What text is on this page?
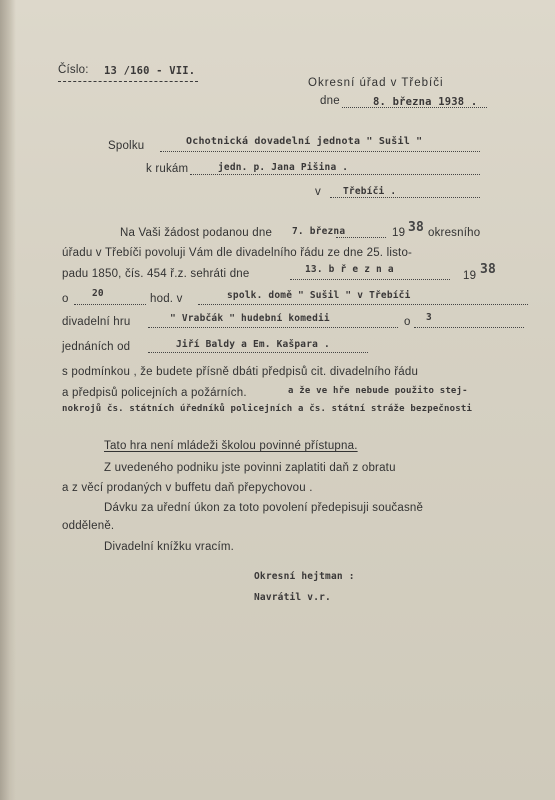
Číslo: 13 /160 - VII.
Okresní úřad v Třebíči
dne	8. března 1938 .
Spolku	Ochotnická dovadelní jednota " Sušil "
k rukám	jedn. p. Jana Pišina .
v Třebíči .
Na Vaši žádost podanou dne 7. března	19 38 okresního
úřadu v Třebíči povoluji Vám dle divadelního řádu ze dne 25. listo-
padu 1850, čís. 454 ř.z. sehráti dne	13. b ř e z n a
19 38
o 20	hod. v	spolk. domě " Sušil " v Třebíči
divadelní hru	" Vrabčák " hudební komedii	o 3
jednáních od	Jiří Baldy a Em. Kašpara .
s podmínkou , že budete přísně dbáti předpisů cit. divadelního řádu
a předpisů policejních a požárních.	a že ve hře nebude použito stej-
nokrojů čs. státních úředníků policejních a čs. státní stráže bezpečnosti
Tato hra není mládeži školou povinné přístupna.
Z uvedeného podniku jste povinni zaplatiti daň z obratu
a z věcí prodaných v buffetu daň přepychovou .
Dávku za uřední úkon za toto povolení předepisuji současně
odděleně.
Divadelní knížku vracím.
Okresní hejtman :
Navrátil v.r.
